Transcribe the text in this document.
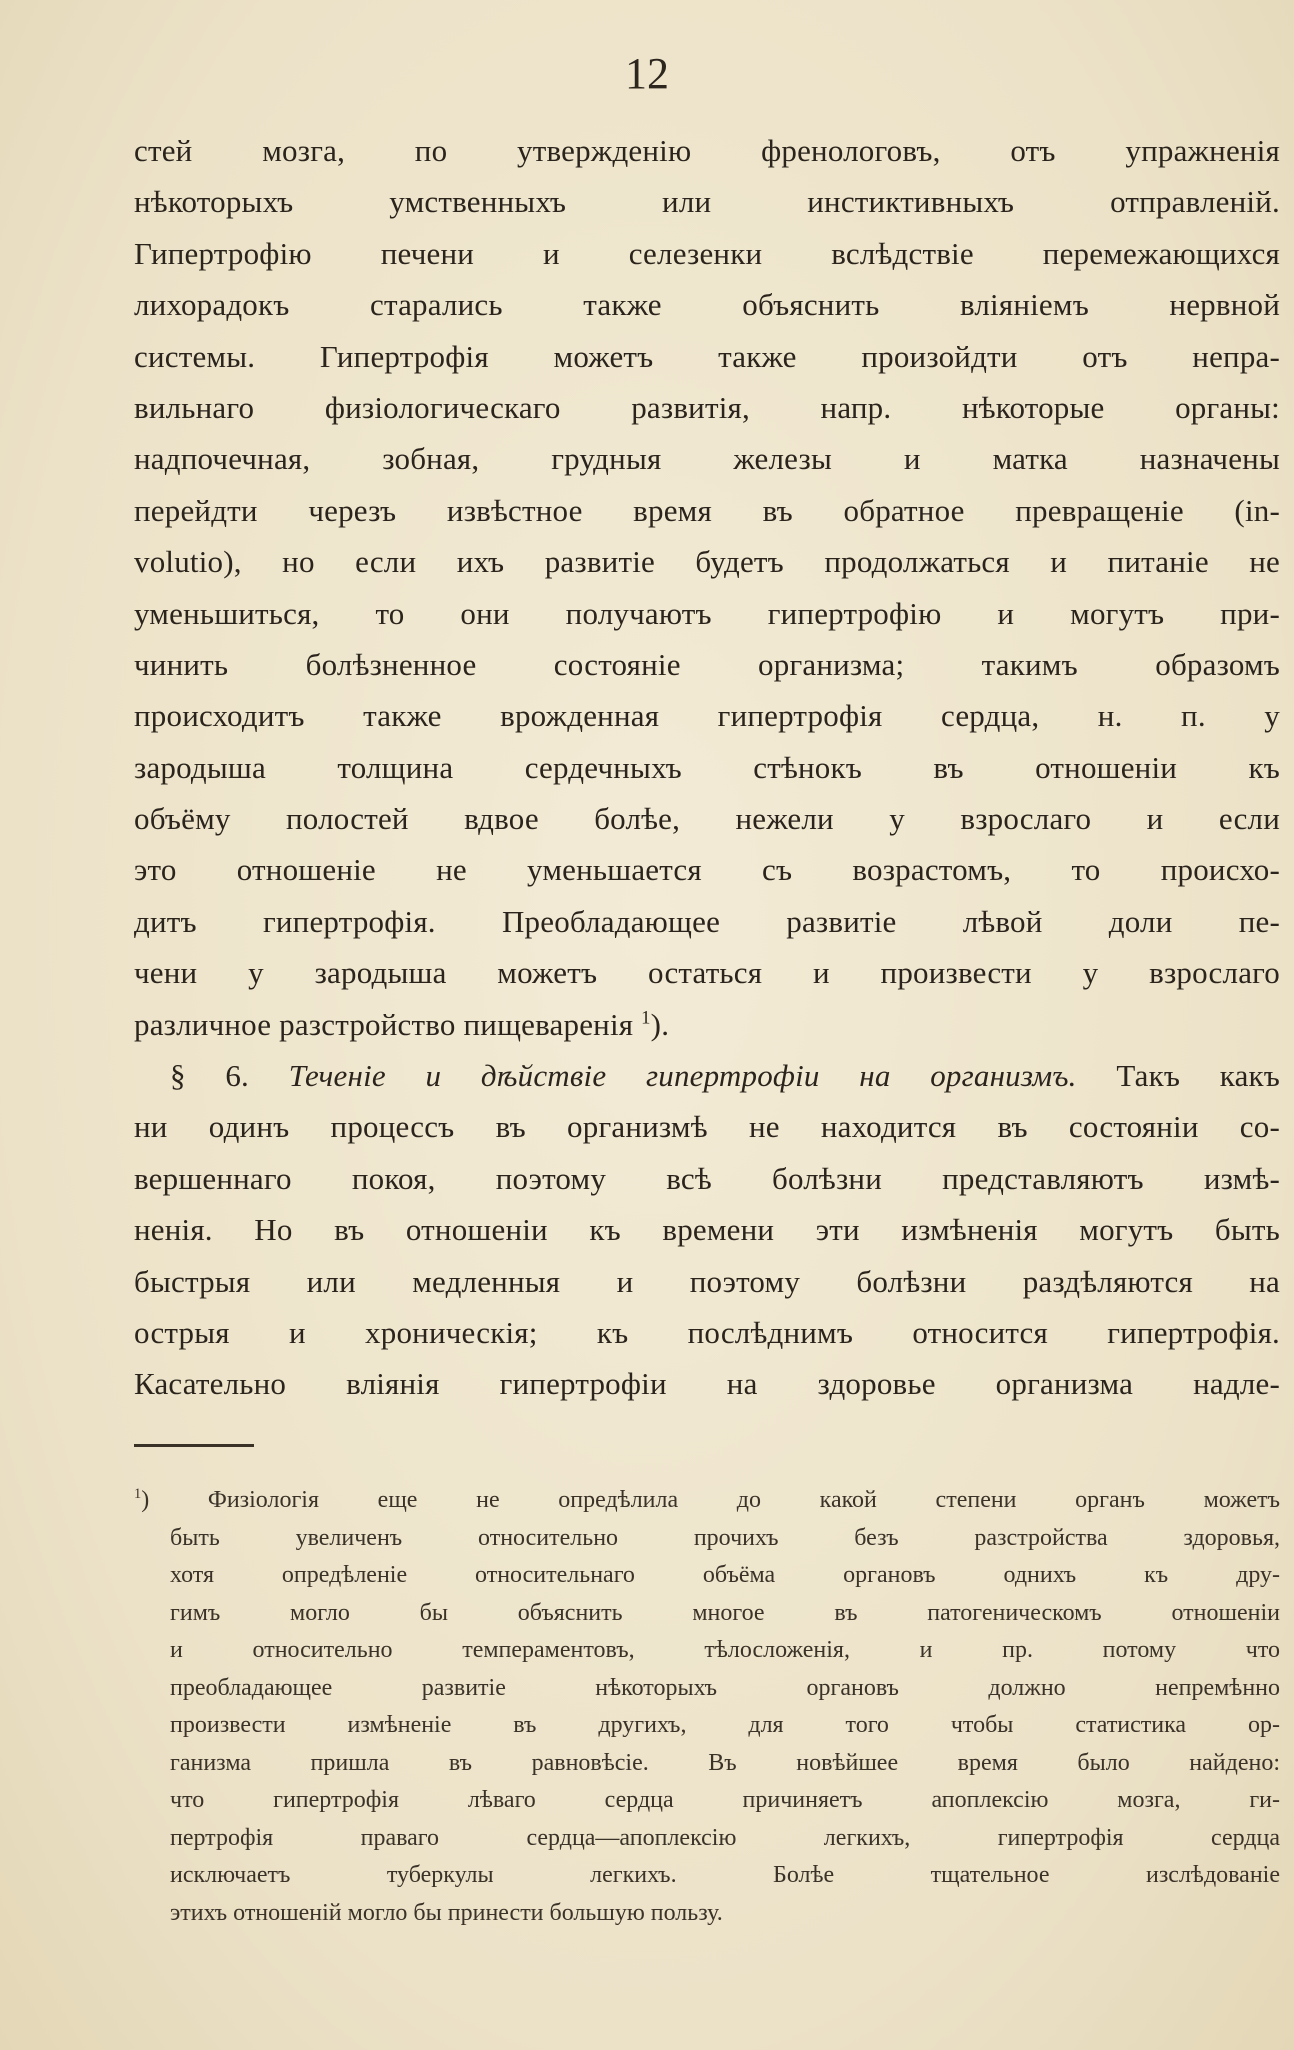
12
стей мозга, по утвержденію френологовъ, отъ упражненія
нѣкоторыхъ умственныхъ или инстиктивныхъ отправленій.
Гипертрофію печени и селезенки вслѣдствіе перемежающихся
лихорадокъ старались также объяснить вліяніемъ нервной
системы. Гипертрофія можетъ также произойдти отъ непра-
вильнаго физіологическаго развитія, напр. нѣкоторые органы:
надпочечная, зобная, грудныя железы и матка назначены
перейдти черезъ извѣстное время въ обратное превращеніе (in-
volutio), но если ихъ развитіе будетъ продолжаться и питаніе не
уменьшиться, то они получаютъ гипертрофію и могутъ при-
чинить болѣзненное состояніе организма; такимъ образомъ
происходитъ также врожденная гипертрофія сердца, н. п. у
зародыша толщина сердечныхъ стѣнокъ въ отношеніи къ
объёму полостей вдвое болѣе, нежели у взрослаго и если
это отношеніе не уменьшается съ возрастомъ, то происхо-
дитъ гипертрофія. Преобладающее развитіе лѣвой доли пе-
чени у зародыша можетъ остаться и произвести у взрослаго
различное разстройство пищеваренія $^1$).
§ 6. Теченіе и дѣйствіе гипертрофіи на организмъ. Такъ какъ
ни одинъ процессъ въ организмѣ не находится въ состояніи со-
вершеннаго покоя, поэтому всѣ болѣзни представляютъ измѣ-
ненія. Но въ отношеніи къ времени эти измѣненія могутъ быть
быстрыя или медленныя и поэтому болѣзни раздѣляются на
острыя и хроническія; къ послѣднимъ относится гипертрофія.
Касательно вліянія гипертрофіи на здоровье организма надле-
$^1$) Физіологія еще не опредѣлила до какой степени органъ можетъ
быть увеличенъ относительно прочихъ безъ разстройства здоровья,
хотя опредѣленіе относительнаго объёма органовъ однихъ къ дру-
гимъ могло бы объяснить многое въ патогеническомъ отношеніи
и относительно темпераментовъ, тѣлосложенія, и пр. потому что
преобладающее развитіе нѣкоторыхъ органовъ должно непремѣнно
произвести измѣненіе въ другихъ, для того чтобы статистика ор-
ганизма пришла въ равновѣсіе. Въ новѣйшее время было найдено:
что гипертрофія лѣваго сердца причиняетъ апоплексію мозга, ги-
пертрофія праваго сердца—апоплексію легкихъ, гипертрофія сердца
исключаетъ туберкулы легкихъ. Болѣе тщательное изслѣдованіе
этихъ отношеній могло бы принести большую пользу.
